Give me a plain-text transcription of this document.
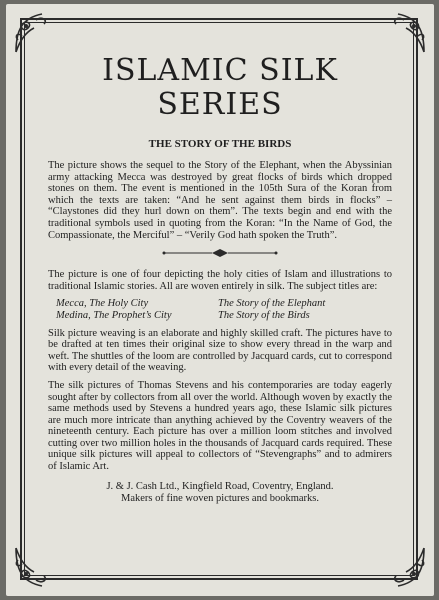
ISLAMIC SILK SERIES
THE STORY OF THE BIRDS

The picture shows the sequel to the Story of the Elephant, when the Abyssinian army attacking Mecca was destroyed by great flocks of birds which dropped stones on them. The event is mentioned in the 105th Sura of the Koran from which the texts are taken: “And he sent against them birds in flocks” – “Claystones did they hurl down on them”. The texts begin and end with the traditional symbols used in quoting from the Koran: “In the Name of God, the Compassionate, the Merciful” – “Verily God hath spoken the Truth”.

The picture is one of four depicting the holy cities of Islam and illustrations to traditional Islamic stories. All are woven entirely in silk. The subject titles are:

Mecca, The Holy City	The Story of the Elephant
Medina, The Prophet’s City	The Story of the Birds

Silk picture weaving is an elaborate and highly skilled craft. The pictures have to be drafted at ten times their original size to show every thread in the warp and weft. The shuttles of the loom are controlled by Jacquard cards, cut to correspond with every detail of the weaving.

The silk pictures of Thomas Stevens and his contemporaries are today eagerly sought after by collectors from all over the world. Although woven by exactly the same methods used by Stevens a hundred years ago, these Islamic silk pictures are much more intricate than anything achieved by the Coventry weavers of the nineteenth century. Each picture has over a million loom stitches and involved cutting over two million holes in the thousands of Jacquard cards required. These unique silk pictures will appeal to collectors of “Stevengraphs” and to admirers of Islamic Art.

J. & J. Cash Ltd., Kingfield Road, Coventry, England.
Makers of fine woven pictures and bookmarks.
